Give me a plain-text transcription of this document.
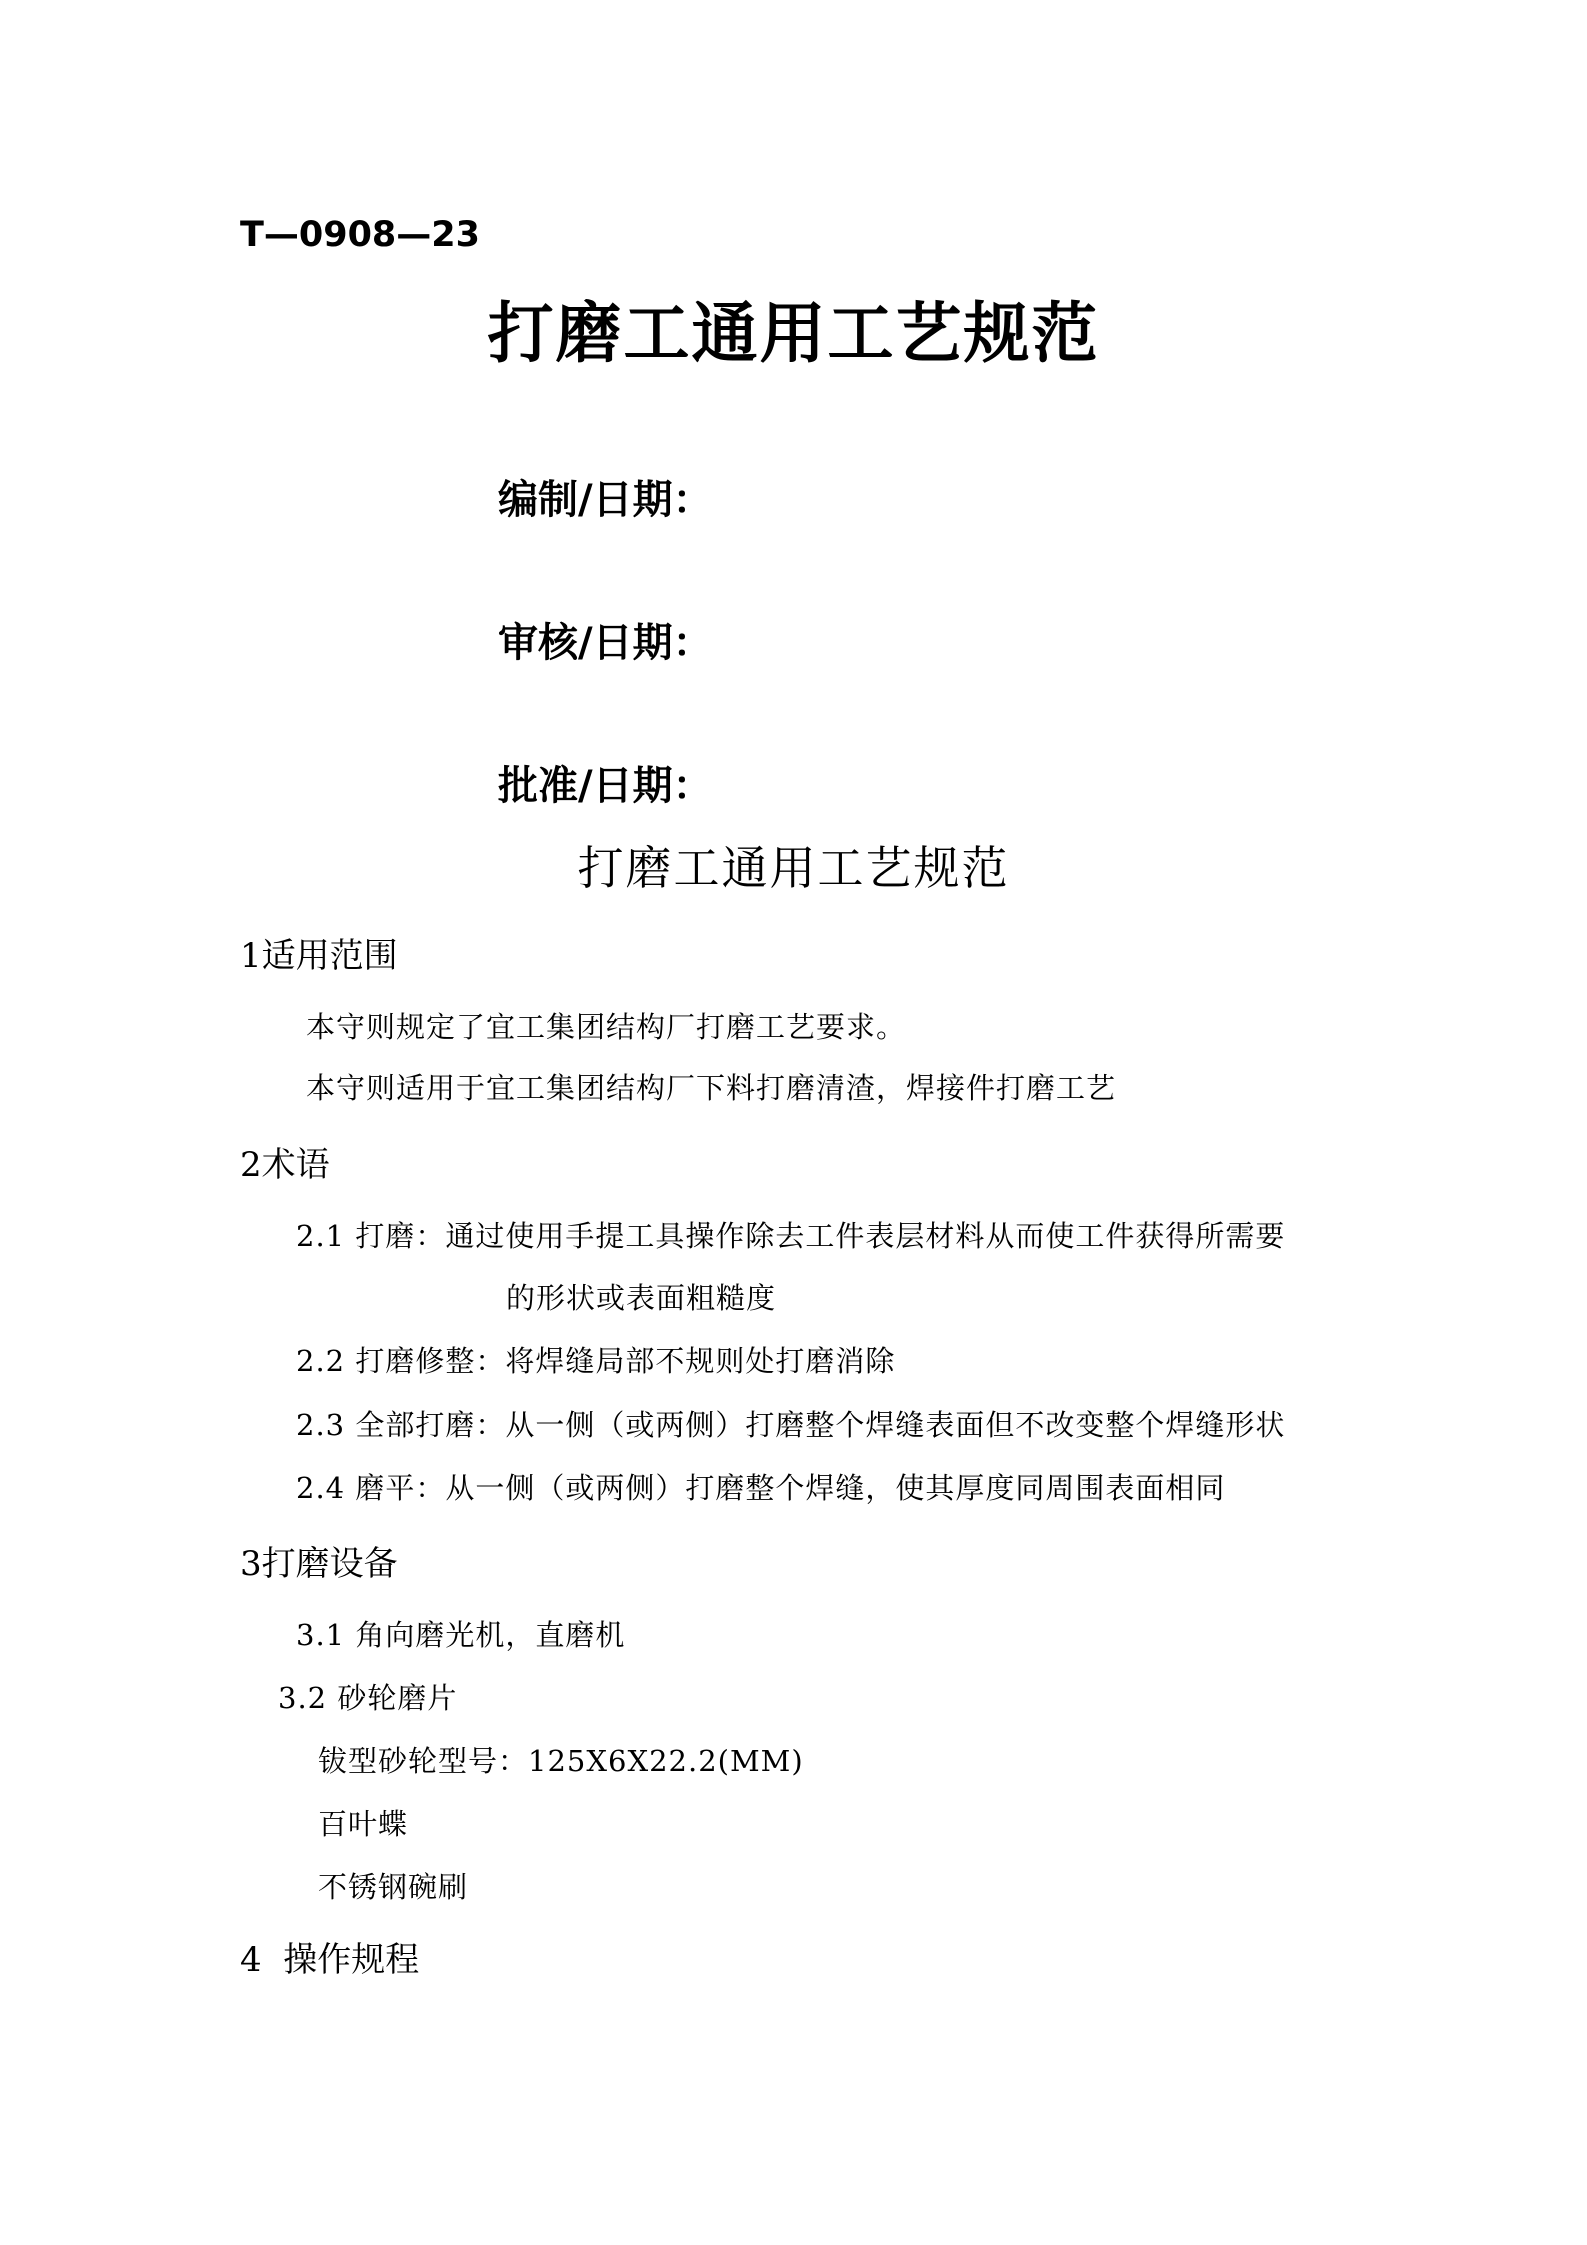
T—0908—23
打磨工通用工艺规范
编制/日期：
审核/日期：
批准/日期：
打磨工通用工艺规范
1适用范围
本守则规定了宜工集团结构厂打磨工艺要求。
本守则适用于宜工集团结构厂下料打磨清渣，焊接件打磨工艺
2术语
2.1 打磨：通过使用手提工具操作除去工件表层材料从而使工件获得所需要
的形状或表面粗糙度
2.2 打磨修整：将焊缝局部不规则处打磨消除
2.3 全部打磨：从一侧（或两侧）打磨整个焊缝表面但不改变整个焊缝形状
2.4 磨平：从一侧（或两侧）打磨整个焊缝，使其厚度同周围表面相同
3打磨设备
3.1 角向磨光机，直磨机
3.2 砂轮磨片
钹型砂轮型号：125X6X22.2(MM)
百叶蝶
不锈钢碗刷
4  操作规程
